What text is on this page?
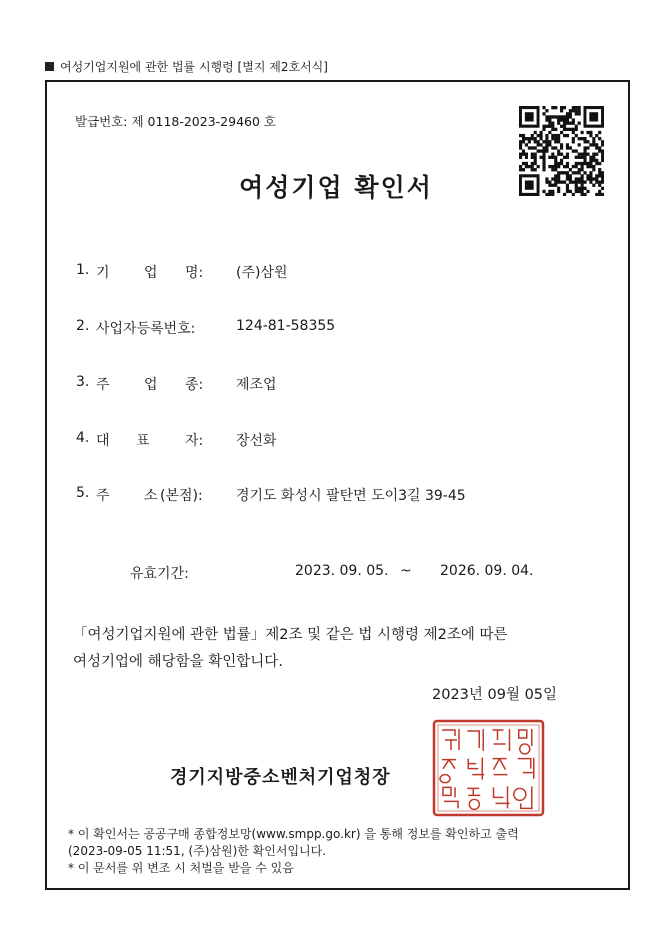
여성기업지원에 관한 법률 시행령 [별지 제2호서식]
발급번호: 제 0118-2023-29460 호
여성기업 확인서
1. 기 업 명: (주)삼원
2. 사업자등록번호:	124-81-58355
3. 주 업 종: 제조업
4. 대 표	자: 장선화
5. 주 소 (본점): 경기도 화성시 팔탄면 도이3길 39-45
유효기간:	2023. 09. 05. ~ 2026. 09. 04.
「여성기업지원에 관한 법률」제2조 및 같은 법 시행령 제2조에 따른
여성기업에 해당함을 확인합니다.
2023년 09월 05일
경기지방중소벤처기업청장
* 이 확인서는 공공구매 종합정보망(www.smpp.go.kr) 을 통해 정보를 확인하고 출력
(2023-09-05 11:51, (주)삼원)한 확인서입니다.
* 이 문서를 위 변조 시 처벌을 받을 수 있음
